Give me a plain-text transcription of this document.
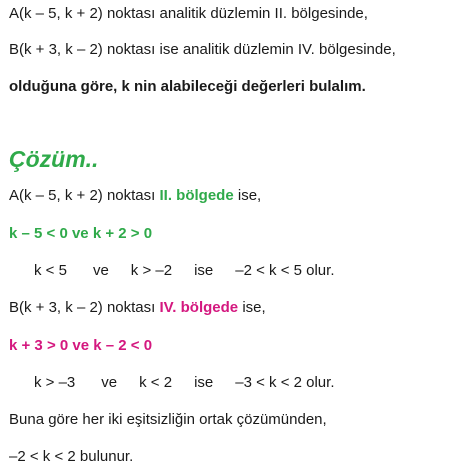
A(k – 5, k + 2) noktası analitik düzlemin II. bölgesinde,
B(k + 3, k – 2) noktası ise analitik düzlemin IV. bölgesinde,
olduğuna göre, k nin alabileceği değerleri bulalım.
Çözüm..
A(k – 5, k + 2) noktası II. bölgede ise,
k – 5 < 0 ve k + 2 > 0
k < 5 ve k > –2 ise –2 < k < 5 olur.
B(k + 3, k – 2) noktası IV. bölgede ise,
k + 3 > 0 ve k – 2 < 0
k > –3 ve k < 2 ise –3 < k < 2 olur.
Buna göre her iki eşitsizliğin ortak çözümünden,
–2 < k < 2 bulunur.
